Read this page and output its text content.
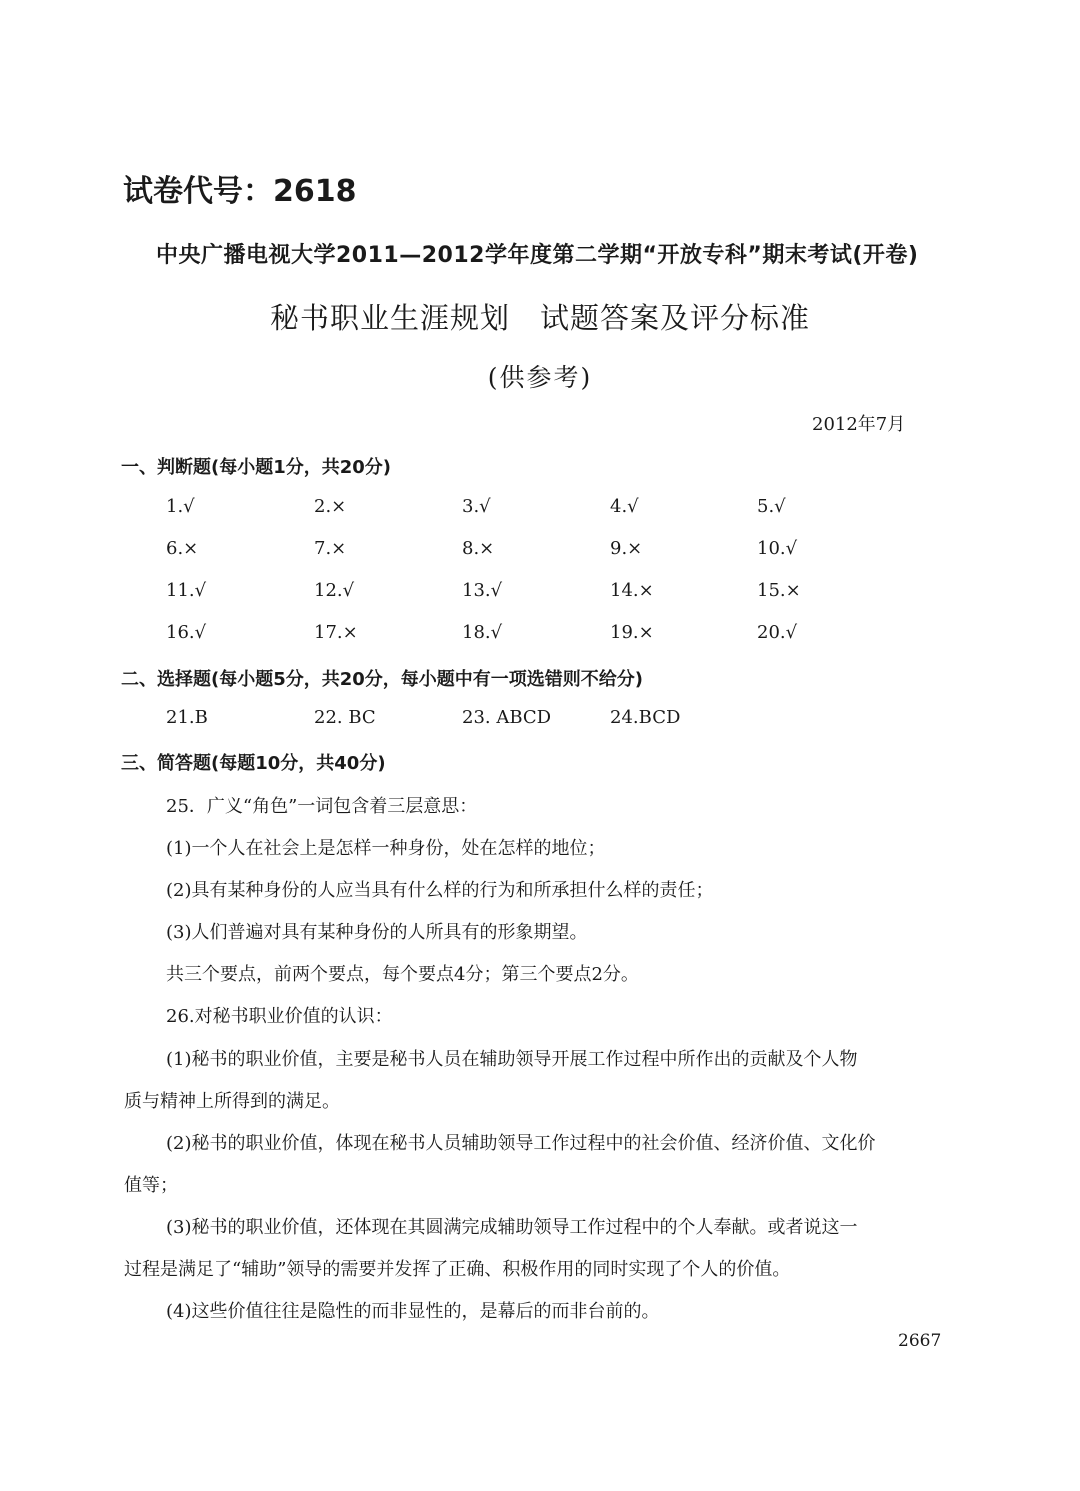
试卷代号：2618
中央广播电视大学2011—2012学年度第二学期“开放专科”期末考试(开卷)
秘书职业生涯规划　试题答案及评分标准
(供参考)
2012年7月
一、判断题(每小题1分，共20分)
1.√	2.×	3.√	4.√	5.√
6.×	7.×	8.×	9.×	10.√
11.√	12.√	13.√	14.×	15.×
16.√	17.×	18.√	19.×	20.√
二、选择题(每小题5分，共20分，每小题中有一项选错则不给分)
21.B	22. BC	23. ABCD	24.BCD
三、简答题(每题10分，共40分)
25．广义“角色”一词包含着三层意思：
(1)一个人在社会上是怎样一种身份，处在怎样的地位；
(2)具有某种身份的人应当具有什么样的行为和所承担什么样的责任；
(3)人们普遍对具有某种身份的人所具有的形象期望。
共三个要点，前两个要点，每个要点4分；第三个要点2分。
26.对秘书职业价值的认识：
(1)秘书的职业价值，主要是秘书人员在辅助领导开展工作过程中所作出的贡献及个人物
质与精神上所得到的满足。
(2)秘书的职业价值，体现在秘书人员辅助领导工作过程中的社会价值、经济价值、文化价
值等；
(3)秘书的职业价值，还体现在其圆满完成辅助领导工作过程中的个人奉献。或者说这一
过程是满足了“辅助”领导的需要并发挥了正确、积极作用的同时实现了个人的价值。
(4)这些价值往往是隐性的而非显性的，是幕后的而非台前的。
2667
